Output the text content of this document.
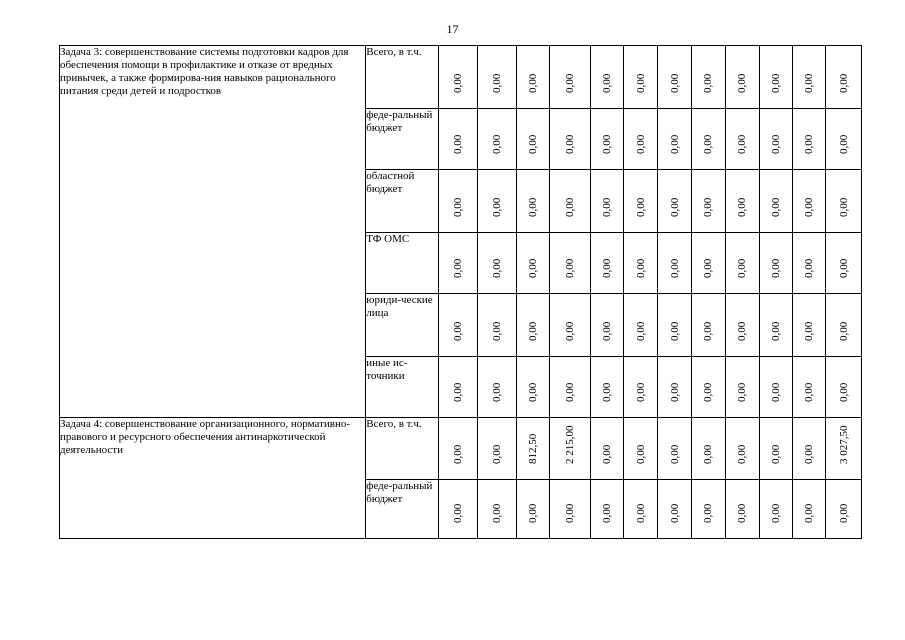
17
Задача 3: совершенствование системы подготовки кадров для обеспечения помощи в профилактике и отказе от вредных привычек, а также формирова-ния навыков рационального питания среди детей и подростков	Всего, в т.ч.	0,00	0,00	0,00	0,00	0,00	0,00	0,00	0,00	0,00	0,00	0,00	0,00

	феде-ральный бюджет	0,00	0,00	0,00	0,00	0,00	0,00	0,00	0,00	0,00	0,00	0,00	0,00

	областной бюджет	0,00	0,00	0,00	0,00	0,00	0,00	0,00	0,00	0,00	0,00	0,00	0,00

	ТФ ОМС	0,00	0,00	0,00	0,00	0,00	0,00	0,00	0,00	0,00	0,00	0,00	0,00

	юриди-ческие лица	0,00	0,00	0,00	0,00	0,00	0,00	0,00	0,00	0,00	0,00	0,00	0,00

	иные ис-точники	0,00	0,00	0,00	0,00	0,00	0,00	0,00	0,00	0,00	0,00	0,00	0,00

Задача 4: совершенствование организационного, нормативно-правового и ресурсного обеспечения антинаркотической деятельности	Всего, в т.ч.	0,00	0,00	812,50	2 215,00	0,00	0,00	0,00	0,00	0,00	0,00	0,00	3 027,50

	феде-ральный бюджет	0,00	0,00	0,00	0,00	0,00	0,00	0,00	0,00	0,00	0,00	0,00	0,00
